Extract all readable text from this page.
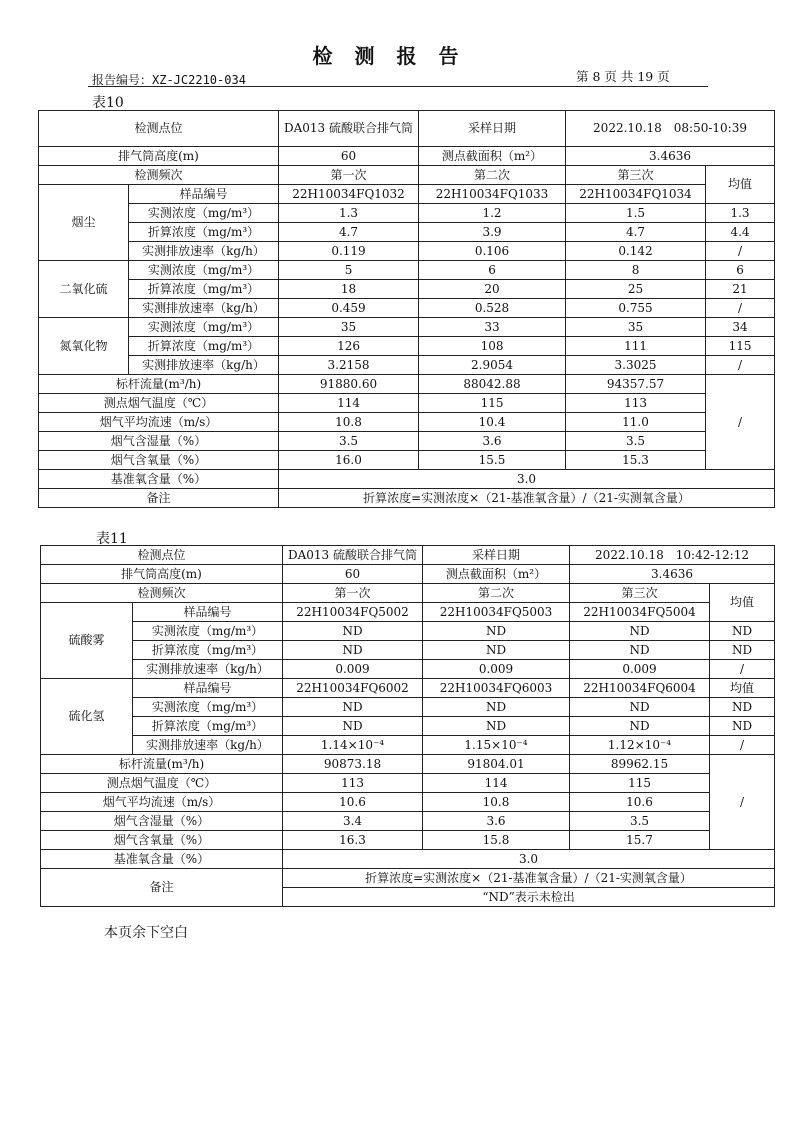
检测报告
报告编号：XZ-JC2210-034	第 8 页 共 19 页
表10
检测点位		DA013 硫酸联合排气筒	采样日期	2022.10.18　08:50-10:39	
排气筒高度(m)		60	测点截面积（m²）	3.4636	
检测频次		第一次	第二次	第三次	均值
烟尘	样品编号	22H10034FQ1032	22H10034FQ1033	22H10034FQ1034	
	实测浓度（mg/m³）	1.3	1.2	1.5	1.3
	折算浓度（mg/m³）	4.7	3.9	4.7	4.4
	实测排放速率（kg/h）	0.119	0.106	0.142	/
二氧化硫	实测浓度（mg/m³）	5	6	8	6
	折算浓度（mg/m³）	18	20	25	21
	实测排放速率（kg/h）	0.459	0.528	0.755	/
氮氧化物	实测浓度（mg/m³）	35	33	35	34
	折算浓度（mg/m³）	126	108	111	115
	实测排放速率（kg/h）	3.2158	2.9054	3.3025	/
标杆流量(m³/h)		91880.60	88042.88	94357.57	/
测点烟气温度（℃）		114	115	113	
烟气平均流速（m/s）		10.8	10.4	11.0	
烟气含湿量（%）		3.5	3.6	3.5	
烟气含氧量（%）		16.0	15.5	15.3	
基准氧含量（%）		3.0			
备注		折算浓度=实测浓度×（21-基准氧含量）/（21-实测氧含量）			
表11
检测点位		DA013 硫酸联合排气筒	采样日期	2022.10.18　10:42-12:12	
排气筒高度(m)		60	测点截面积（m²）	3.4636	
检测频次		第一次	第二次	第三次	均值
硫酸雾	样品编号	22H10034FQ5002	22H10034FQ5003	22H10034FQ5004	
	实测浓度（mg/m³）	ND	ND	ND	ND
	折算浓度（mg/m³）	ND	ND	ND	ND
	实测排放速率（kg/h）	0.009	0.009	0.009	/
硫化氢	样品编号	22H10034FQ6002	22H10034FQ6003	22H10034FQ6004	均值
	实测浓度（mg/m³）	ND	ND	ND	ND
	折算浓度（mg/m³）	ND	ND	ND	ND
	实测排放速率（kg/h）	1.14×10⁻⁴	1.15×10⁻⁴	1.12×10⁻⁴	/
标杆流量(m³/h)		90873.18	91804.01	89962.15	/
测点烟气温度（℃）		113	114	115	
烟气平均流速（m/s）		10.6	10.8	10.6	
烟气含湿量（%）		3.4	3.6	3.5	
烟气含氧量（%）		16.3	15.8	15.7	
基准氧含量（%）		3.0			
备注		折算浓度=实测浓度×（21-基准氧含量）/（21-实测氧含量）			
		“ND”表示未检出			
本页余下空白
